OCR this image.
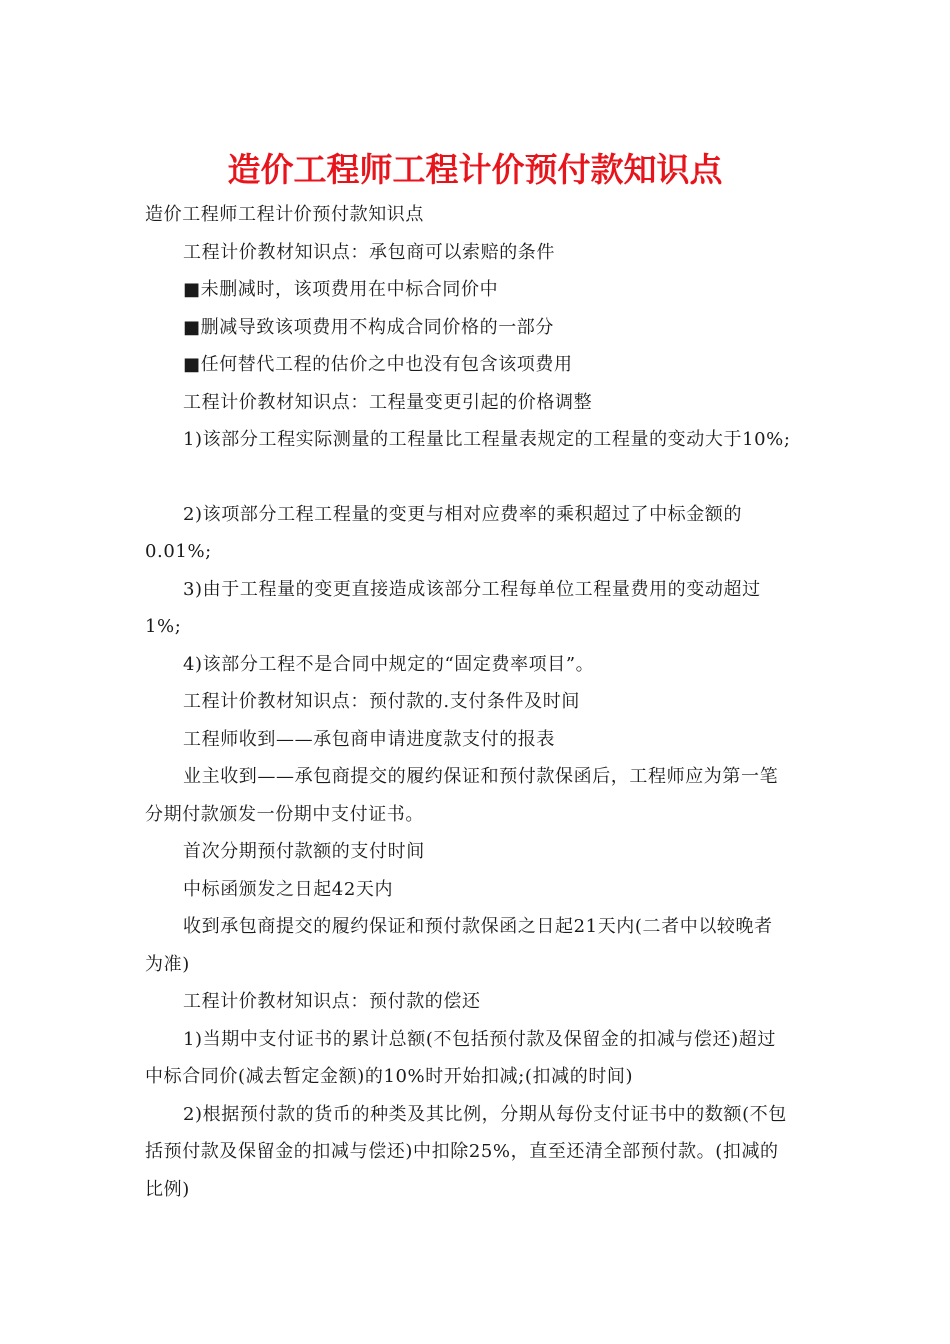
造价工程师工程计价预付款知识点

造价工程师工程计价预付款知识点

工程计价教材知识点：承包商可以索赔的条件

■未删减时，该项费用在中标合同价中

■删减导致该项费用不构成合同价格的一部分

■任何替代工程的估价之中也没有包含该项费用

工程计价教材知识点：工程量变更引起的价格调整

1)该部分工程实际测量的工程量比工程量表规定的工程量的变动大于10%;

2)该项部分工程工程量的变更与相对应费率的乘积超过了中标金额的

0.01%;

3)由于工程量的变更直接造成该部分工程每单位工程量费用的变动超过

1%;

4)该部分工程不是合同中规定的“固定费率项目”。

工程计价教材知识点：预付款的.支付条件及时间

工程师收到——承包商申请进度款支付的报表

业主收到——承包商提交的履约保证和预付款保函后，工程师应为第一笔

分期付款颁发一份期中支付证书。

首次分期预付款额的支付时间

中标函颁发之日起42天内

收到承包商提交的履约保证和预付款保函之日起21天内(二者中以较晚者

为准)

工程计价教材知识点：预付款的偿还

1)当期中支付证书的累计总额(不包括预付款及保留金的扣减与偿还)超过

中标合同价(减去暂定金额)的10%时开始扣减;(扣减的时间)

2)根据预付款的货币的种类及其比例，分期从每份支付证书中的数额(不包

括预付款及保留金的扣减与偿还)中扣除25%，直至还清全部预付款。(扣减的

比例)
